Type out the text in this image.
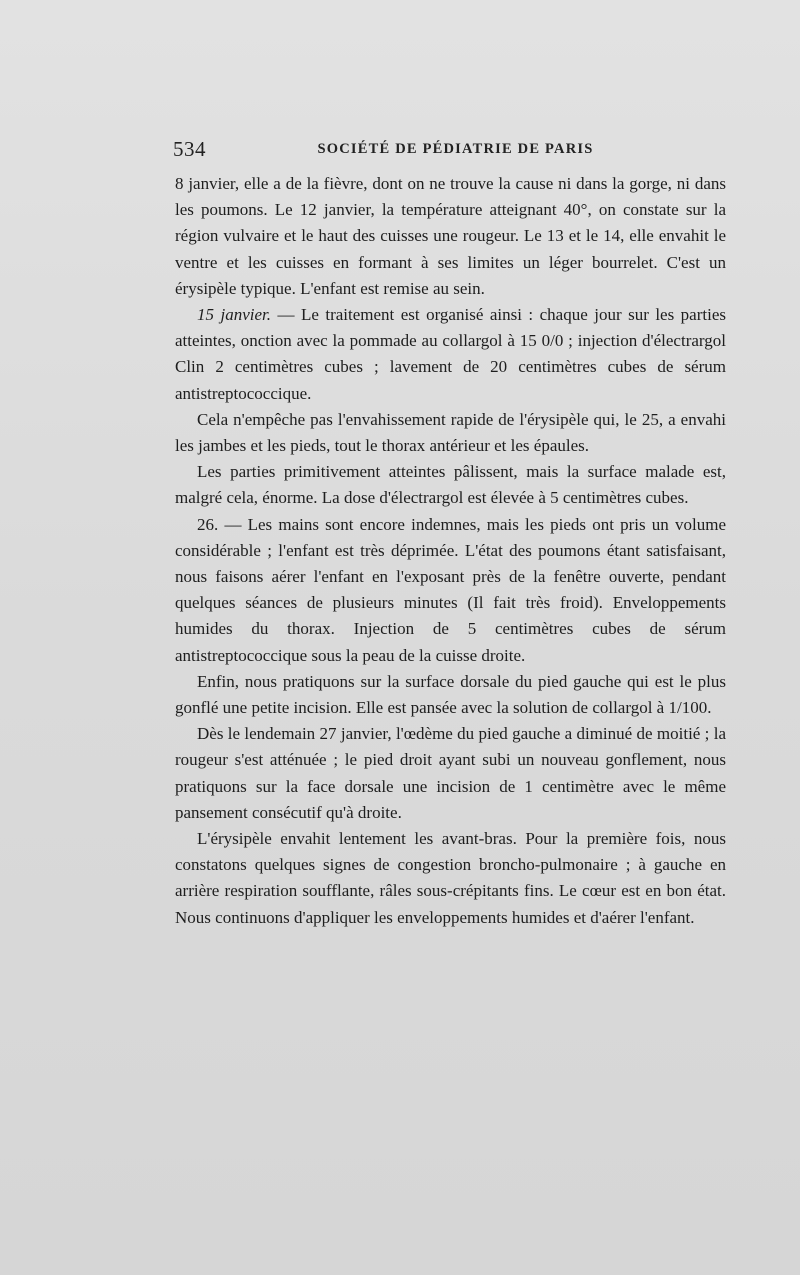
534	SOCIÉTÉ DE PÉDIATRIE DE PARIS

8 janvier, elle a de la fièvre, dont on ne trouve la cause ni dans la gorge, ni dans les poumons. Le 12 janvier, la température atteignant 40°, on constate sur la région vulvaire et le haut des cuisses une rougeur. Le 13 et le 14, elle envahit le ventre et les cuisses en formant à ses limites un léger bourrelet. C'est un érysipèle typique. L'enfant est remise au sein.

15 janvier. — Le traitement est organisé ainsi : chaque jour sur les parties atteintes, onction avec la pommade au collargol à 15 0/0 ; injection d'électrargol Clin 2 centimètres cubes ; lavement de 20 centimètres cubes de sérum antistreptococcique.

Cela n'empêche pas l'envahissement rapide de l'érysipèle qui, le 25, a envahi les jambes et les pieds, tout le thorax antérieur et les épaules.

Les parties primitivement atteintes pâlissent, mais la surface malade est, malgré cela, énorme. La dose d'électrargol est élevée à 5 centimètres cubes.

26. — Les mains sont encore indemnes, mais les pieds ont pris un volume considérable ; l'enfant est très déprimée. L'état des poumons étant satisfaisant, nous faisons aérer l'enfant en l'exposant près de la fenêtre ouverte, pendant quelques séances de plusieurs minutes (Il fait très froid). Enveloppements humides du thorax. Injection de 5 centimètres cubes de sérum antistreptococcique sous la peau de la cuisse droite.

Enfin, nous pratiquons sur la surface dorsale du pied gauche qui est le plus gonflé une petite incision. Elle est pansée avec la solution de collargol à 1/100.

Dès le lendemain 27 janvier, l'œdème du pied gauche a diminué de moitié ; la rougeur s'est atténuée ; le pied droit ayant subi un nouveau gonflement, nous pratiquons sur la face dorsale une incision de 1 centimètre avec le même pansement consécutif qu'à droite.

L'érysipèle envahit lentement les avant-bras. Pour la première fois, nous constatons quelques signes de congestion broncho-pulmonaire ; à gauche en arrière respiration soufflante, râles sous-crépitants fins. Le cœur est en bon état. Nous continuons d'appliquer les enveloppements humides et d'aérer l'enfant.
